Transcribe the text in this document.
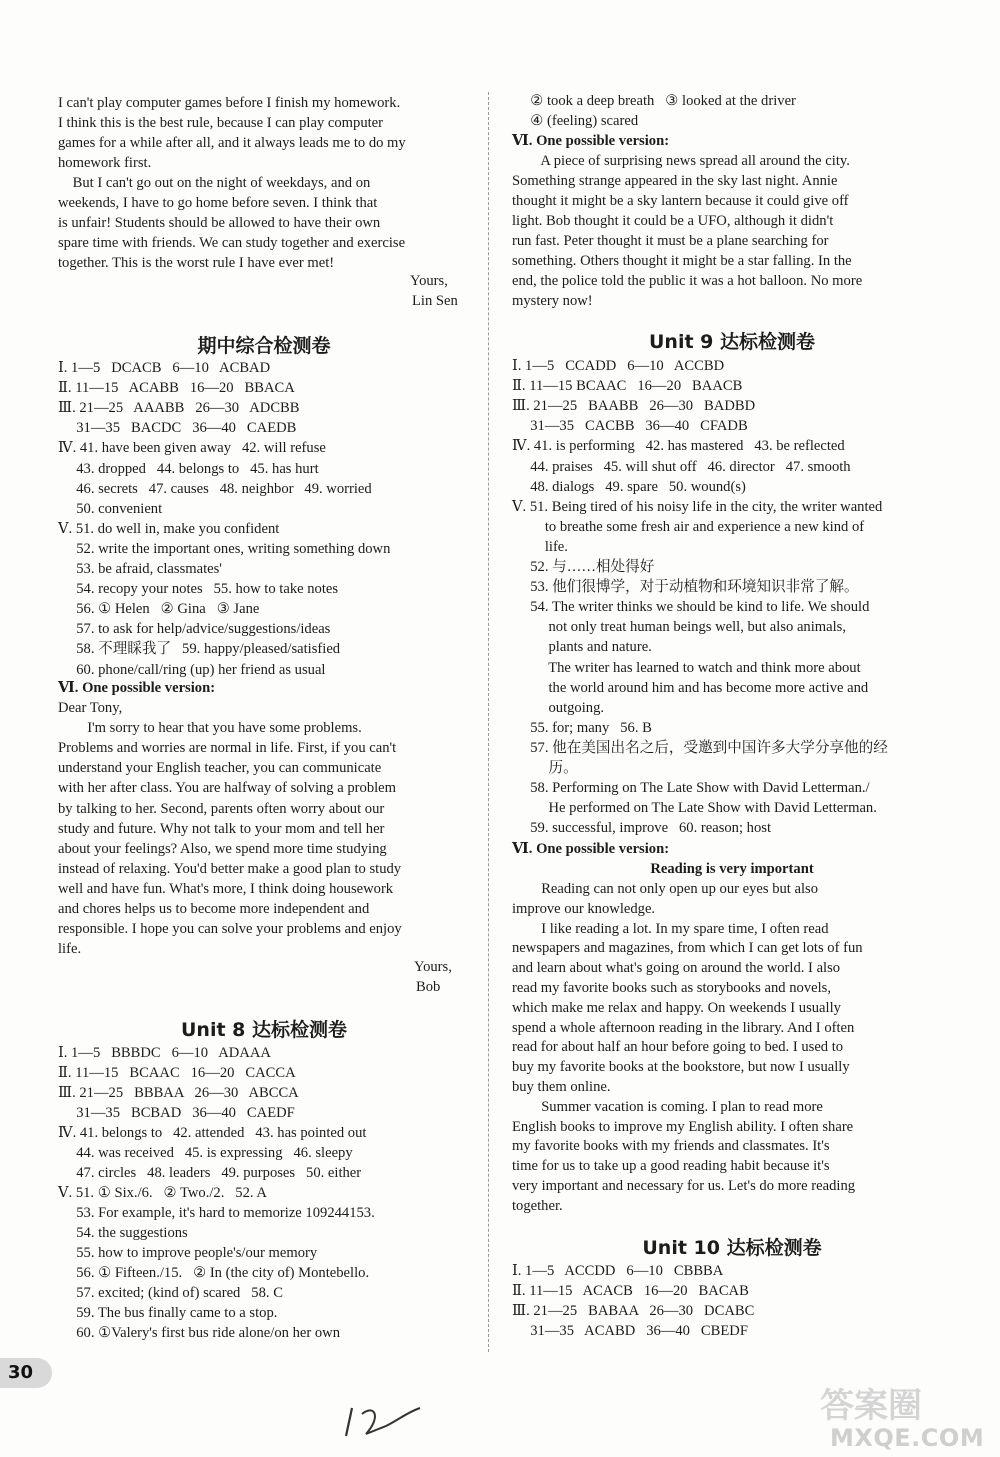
I can't play computer games before I finish my homework.
I think this is the best rule, because I can play computer
games for a while after all, and it always leads me to do my
homework first.
But I can't go out on the night of weekdays, and on
weekends, I have to go home before seven. I think that
is unfair! Students should be allowed to have their own
spare time with friends. We can study together and exercise
together. This is the worst rule I have ever met!
Yours,
Lin Sen
期中综合检测卷
Ⅰ. 1—5   DCACB   6—10   ACBAD
Ⅱ. 11—15   ACABB   16—20   BBACA
Ⅲ. 21—25   AAABB   26—30   ADCBB
31—35   BACDC   36—40   CAEDB
Ⅳ. 41. have been given away   42. will refuse
43. dropped   44. belongs to   45. has hurt
46. secrets   47. causes   48. neighbor   49. worried
50. convenient
Ⅴ. 51. do well in, make you confident
52. write the important ones, writing something down
53. be afraid, classmates'
54. recopy your notes   55. how to take notes
56. ① Helen   ② Gina   ③ Jane
57. to ask for help/advice/suggestions/ideas
58. 不理睬我了   59. happy/pleased/satisfied
60. phone/call/ring (up) her friend as usual
Ⅵ. One possible version:
Dear Tony,
I'm sorry to hear that you have some problems.
Problems and worries are normal in life. First, if you can't
understand your English teacher, you can communicate
with her after class. You are halfway of solving a problem
by talking to her. Second, parents often worry about our
study and future. Why not talk to your mom and tell her
about your feelings? Also, we spend more time studying
instead of relaxing. You'd better make a good plan to study
well and have fun. What's more, I think doing housework
and chores helps us to become more independent and
responsible. I hope you can solve your problems and enjoy
life.
Yours,
Bob
Unit 8 达标检测卷
Ⅰ. 1—5   BBBDC   6—10   ADAAA
Ⅱ. 11—15   BCAAC   16—20   CACCA
Ⅲ. 21—25   BBBAA   26—30   ABCCA
31—35   BCBAD   36—40   CAEDF
Ⅳ. 41. belongs to   42. attended   43. has pointed out
44. was received   45. is expressing   46. sleepy
47. circles   48. leaders   49. purposes   50. either
Ⅴ. 51. ① Six./6.   ② Two./2.   52. A
53. For example, it's hard to memorize 109244153.
54. the suggestions
55. how to improve people's/our memory
56. ① Fifteen./15.   ② In (the city of) Montebello.
57. excited; (kind of) scared   58. C
59. The bus finally came to a stop.
60. ①Valery's first bus ride alone/on her own
② took a deep breath   ③ looked at the driver
④ (feeling) scared
Ⅵ. One possible version:
A piece of surprising news spread all around the city.
Something strange appeared in the sky last night. Annie
thought it might be a sky lantern because it could give off
light. Bob thought it could be a UFO, although it didn't
run fast. Peter thought it must be a plane searching for
something. Others thought it might be a star falling. In the
end, the police told the public it was a hot balloon. No more
mystery now!
Unit 9 达标检测卷
Ⅰ. 1—5   CCADD   6—10   ACCBD
Ⅱ. 11—15 BCAAC   16—20   BAACB
Ⅲ. 21—25   BAABB   26—30   BADBD
31—35   CACBB   36—40   CFADB
Ⅳ. 41. is performing   42. has mastered   43. be reflected
44. praises   45. will shut off   46. director   47. smooth
48. dialogs   49. spare   50. wound(s)
Ⅴ. 51. Being tired of his noisy life in the city, the writer wanted
to breathe some fresh air and experience a new kind of
life.
52. 与……相处得好
53. 他们很博学，对于动植物和环境知识非常了解。
54. The writer thinks we should be kind to life. We should
not only treat human beings well, but also animals,
plants and nature.
The writer has learned to watch and think more about
the world around him and has become more active and
outgoing.
55. for; many   56. B
57. 他在美国出名之后，受邀到中国许多大学分享他的经
历。
58. Performing on The Late Show with David Letterman./
He performed on The Late Show with David Letterman.
59. successful, improve   60. reason; host
Ⅵ. One possible version:
Reading is very important
Reading can not only open up our eyes but also
improve our knowledge.
I like reading a lot. In my spare time, I often read
newspapers and magazines, from which I can get lots of fun
and learn about what's going on around the world. I also
read my favorite books such as storybooks and novels,
which make me relax and happy. On weekends I usually
spend a whole afternoon reading in the library. And I often
read for about half an hour before going to bed. I used to
buy my favorite books at the bookstore, but now I usually
buy them online.
Summer vacation is coming. I plan to read more
English books to improve my English ability. I often share
my favorite books with my friends and classmates. It's
time for us to take up a good reading habit because it's
very important and necessary for us. Let's do more reading
together.
Unit 10 达标检测卷
Ⅰ. 1—5   ACCDD   6—10   CBBBA
Ⅱ. 11—15   ACACB   16—20   BACAB
Ⅲ. 21—25   BABAA   26—30   DCABC
31—35   ACABD   36—40   CBEDF
30
答案圈
MXQE.COM
